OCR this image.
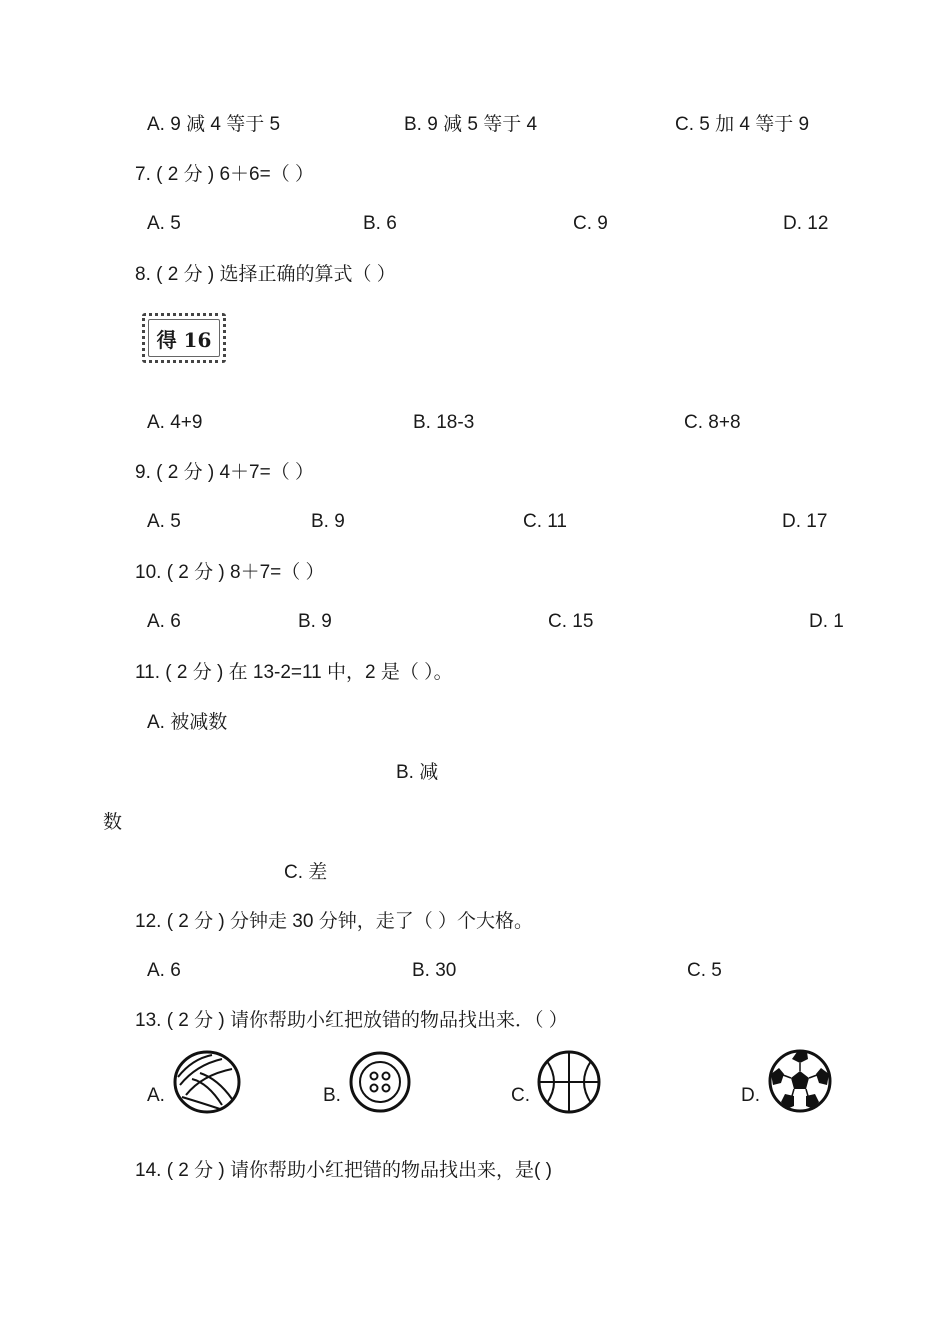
A. 9 减 4 等于 5	B. 9 减 5 等于 4	C. 5 加 4 等于 9
7. ( 2 分 ) 6＋6=（ ）
A. 5	B. 6	C. 9	D. 12
8. ( 2 分 ) 选择正确的算式（ ）
得 16
A. 4+9	B. 18-3	C. 8+8
9. ( 2 分 ) 4＋7=（ ）
A. 5	B. 9	C. 11	D. 17
10. ( 2 分 ) 8＋7=（ ）
A. 6	B. 9	C. 15	D. 1
11. ( 2 分 ) 在 13-2=11 中，2 是（ ）。
A. 被减数
B. 减
数
C. 差
12. ( 2 分 ) 分钟走 30 分钟，走了（ ）个大格。
A. 6	B. 30	C. 5
13. ( 2 分 ) 请你帮助小红把放错的物品找出来．（ ）
A.	B.	C.	D.
14. ( 2 分 ) 请你帮助小红把错的物品找出来，是( )
